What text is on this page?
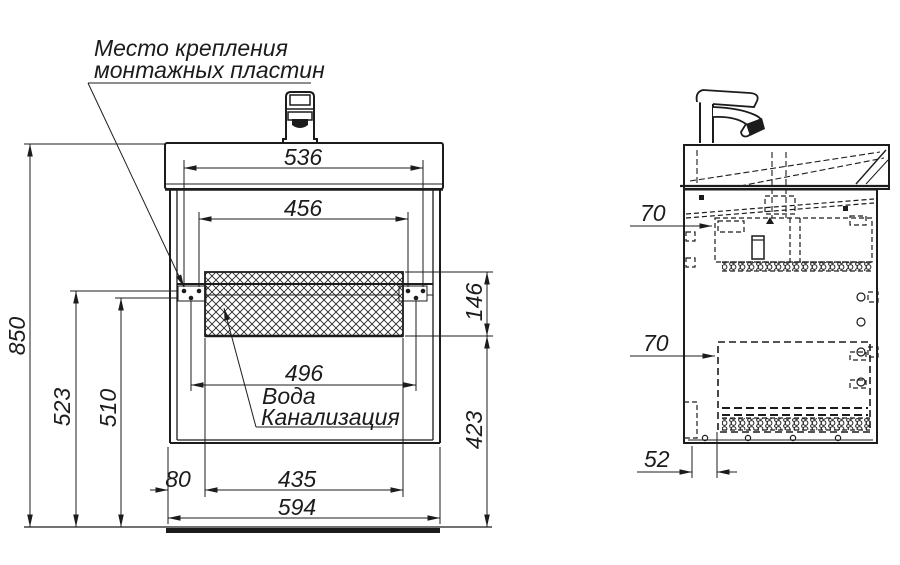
Место крепления
монтажных пластин
536
456
496
80	435
594
850
523 510
146
423
Вода
Канализация
70
70
52
